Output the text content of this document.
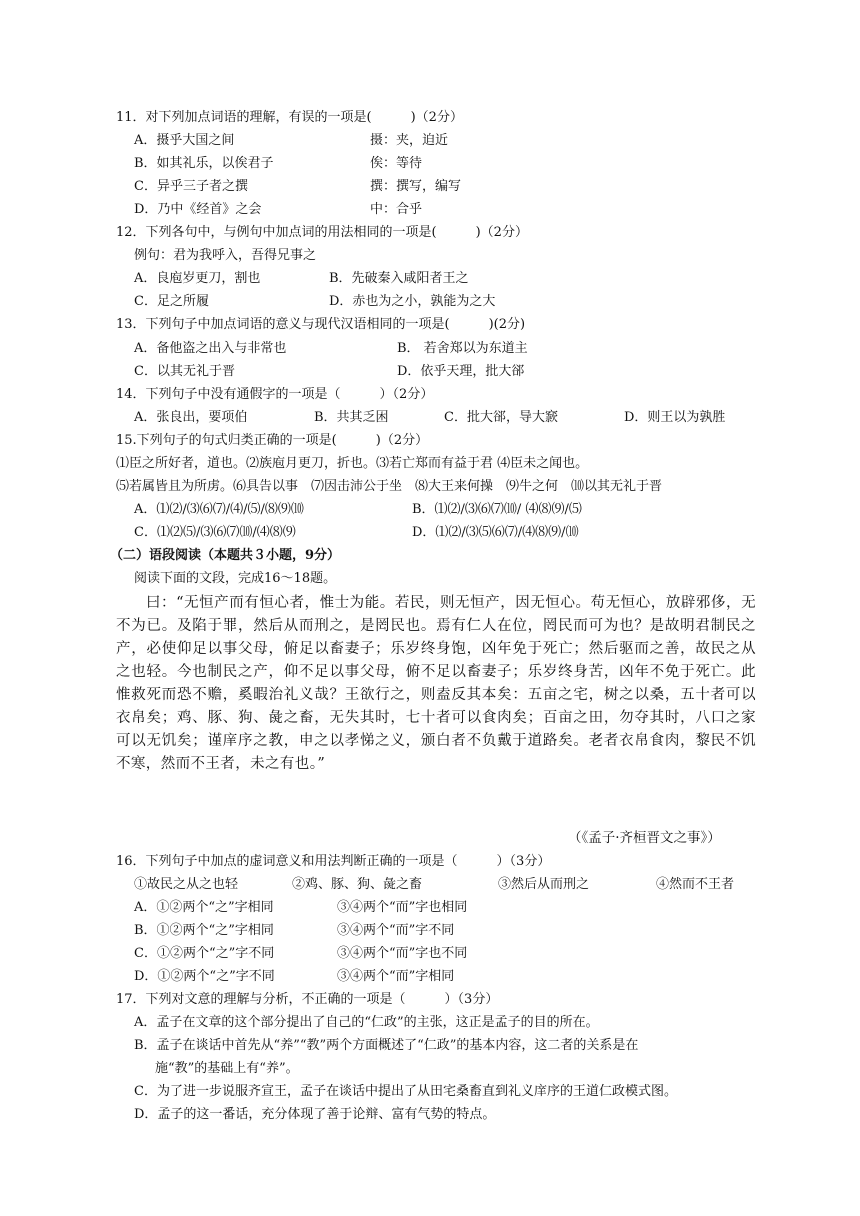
11．对下列加点词语的理解，有误的一项是(　　　)（2分）
A．摄乎大国之间	摄：夹，迫近
B．如其礼乐，以俟君子	俟：等待
C．异乎三子者之撰	撰：撰写，编写
D．乃中《经首》之会	中：合乎
12．下列各句中，与例句中加点词的用法相同的一项是(　　　)（2分）
例句：君为我呼入，吾得兄事之
A．良庖岁更刀，割也	B．先破秦入咸阳者王之
C．足之所履	D．赤也为之小，孰能为之大
13．下列句子中加点词语的意义与现代汉语相同的一项是(　　　)(2分)
A．备他盗之出入与非常也	B． 若舍郑以为东道主
C．以其无礼于晋	D．依乎天理，批大郤
14．下列句子中没有通假字的一项是（　　　）（2分）
A．张良出，要项伯	B．共其乏困	C．批大郤，导大窾	D．则王以为孰胜
15.下列句子的句式归类正确的一项是(　　　)（2分）
⑴臣之所好者，道也。⑵族庖月更刀，折也。⑶若亡郑而有益于君 ⑷臣未之闻也。
⑸若属皆且为所虏。⑹具告以事　⑺因击沛公于坐　⑻大王来何操　⑼牛之何　⑽以其无礼于晋
A．⑴⑵/⑶⑹⑺/⑷/⑸/⑻⑼⑽	B．⑴⑵/⑶⑹⑺⑽/ ⑷⑻⑼/⑸
C．⑴⑵⑸/⑶⑹⑺⑽/⑷⑻⑼	D．⑴⑵/⑶⑸⑹⑺/⑷⑻⑼/⑽
（二）语段阅读（本题共３小题，9分）
阅读下面的文段，完成16～18题。

曰：“无恒产而有恒心者，惟士为能。若民，则无恒产，因无恒心。苟无恒心，放辟邪侈，无不为已。及陷于罪，然后从而刑之，是罔民也。焉有仁人在位，罔民而可为也？是故明君制民之产，必使仰足以事父母，俯足以畜妻子；乐岁终身饱，凶年免于死亡；然后驱而之善，故民之从之也轻。今也制民之产，仰不足以事父母，俯不足以畜妻子；乐岁终身苦，凶年不免于死亡。此惟救死而恐不赡，奚暇治礼义哉？王欲行之，则盍反其本矣：五亩之宅，树之以桑，五十者可以衣帛矣；鸡、豚、狗、彘之畜，无失其时，七十者可以食肉矣；百亩之田，勿夺其时，八口之家可以无饥矣；谨庠序之教，申之以孝悌之义，颁白者不负戴于道路矣。老者衣帛食肉，黎民不饥不寒，然而不王者，未之有也。”

（《孟子·齐桓晋文之事》）
16．下列句子中加点的虚词意义和用法判断正确的一项是（　　　）（3分）
①故民之从之也轻	②鸡、豚、狗、彘之畜	③然后从而刑之	④然而不王者
A．①②两个“之”字相同	③④两个“而”字也相同
B．①②两个“之”字相同	③④两个“而”字不同
C．①②两个“之”字不同	③④两个“而”字也不同
D．①②两个“之”字不同	③④两个“而”字相同
17．下列对文意的理解与分析，不正确的一项是（　　　）（3分）
A．孟子在文章的这个部分提出了自己的“仁政”的主张，这正是孟子的目的所在。
B．孟子在谈话中首先从“养”“教”两个方面概述了“仁政”的基本内容，这二者的关系是在
施“教”的基础上有“养”。
C．为了进一步说服齐宣王，孟子在谈话中提出了从田宅桑畜直到礼义庠序的王道仁政模式图。
D．孟子的这一番话，充分体现了善于论辩、富有气势的特点。
